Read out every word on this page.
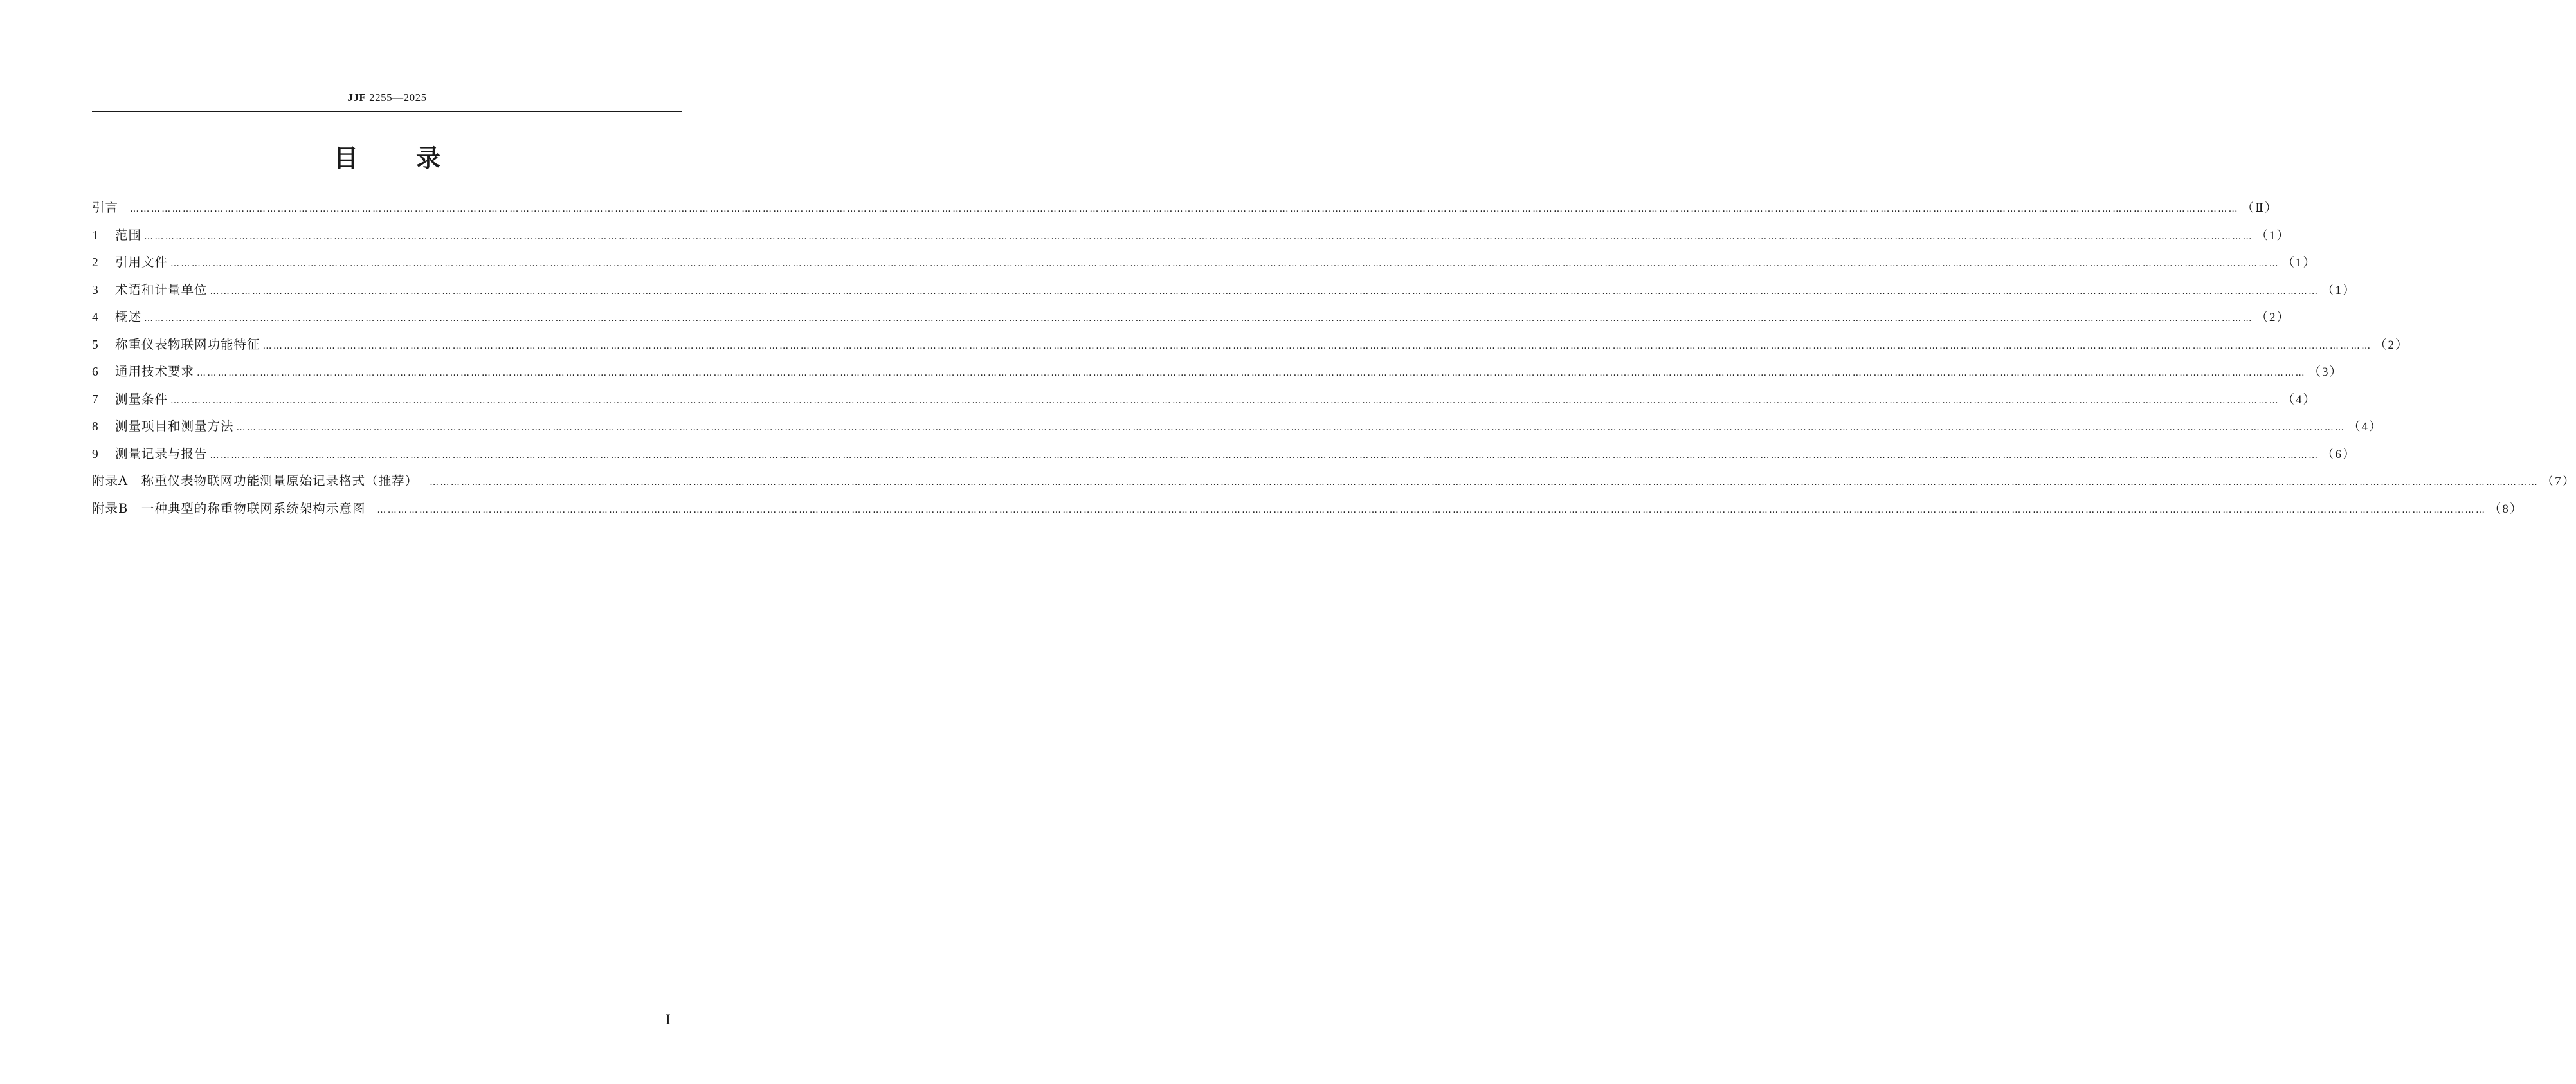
JJF 2255—2025
目录
引言 …………………………………………………………………………………………………………………………………………………………………………………………………………………………………………………………………………………………………………………………………………………………………………………………………………………………………………………………………………………………………………………………………………………… （Ⅱ）
1	范围 …………………………………………………………………………………………………………………………………………………………………………………………………………………………………………………………………………………………………………………………………………………………………………………………………………………………………………………………………………………………………………………………………………………… （1）
2	引用文件 …………………………………………………………………………………………………………………………………………………………………………………………………………………………………………………………………………………………………………………………………………………………………………………………………………………………………………………………………………………………………………………………………………………… （1）
3	术语和计量单位 …………………………………………………………………………………………………………………………………………………………………………………………………………………………………………………………………………………………………………………………………………………………………………………………………………………………………………………………………………………………………………………………………………………… （1）
4	概述 …………………………………………………………………………………………………………………………………………………………………………………………………………………………………………………………………………………………………………………………………………………………………………………………………………………………………………………………………………………………………………………………………………………… （2）
5	称重仪表物联网功能特征 …………………………………………………………………………………………………………………………………………………………………………………………………………………………………………………………………………………………………………………………………………………………………………………………………………………………………………………………………………………………………………………………………………………… （2）
6	通用技术要求 …………………………………………………………………………………………………………………………………………………………………………………………………………………………………………………………………………………………………………………………………………………………………………………………………………………………………………………………………………………………………………………………………………………… （3）
7	测量条件 …………………………………………………………………………………………………………………………………………………………………………………………………………………………………………………………………………………………………………………………………………………………………………………………………………………………………………………………………………………………………………………………………………………… （4）
8	测量项目和测量方法 …………………………………………………………………………………………………………………………………………………………………………………………………………………………………………………………………………………………………………………………………………………………………………………………………………………………………………………………………………………………………………………………………………………… （4）
9	测量记录与报告 …………………………………………………………………………………………………………………………………………………………………………………………………………………………………………………………………………………………………………………………………………………………………………………………………………………………………………………………………………………………………………………………………………………… （6）
附录A　称重仪表物联网功能测量原始记录格式（推荐） …………………………………………………………………………………………………………………………………………………………………………………………………………………………………………………………………………………………………………………………………………………………………………………………………………………………………………………………………………………………………………………………………………………… （7）
附录B　一种典型的称重物联网系统架构示意图 …………………………………………………………………………………………………………………………………………………………………………………………………………………………………………………………………………………………………………………………………………………………………………………………………………………………………………………………………………………………………………………………………………………… （8）
Ⅰ
